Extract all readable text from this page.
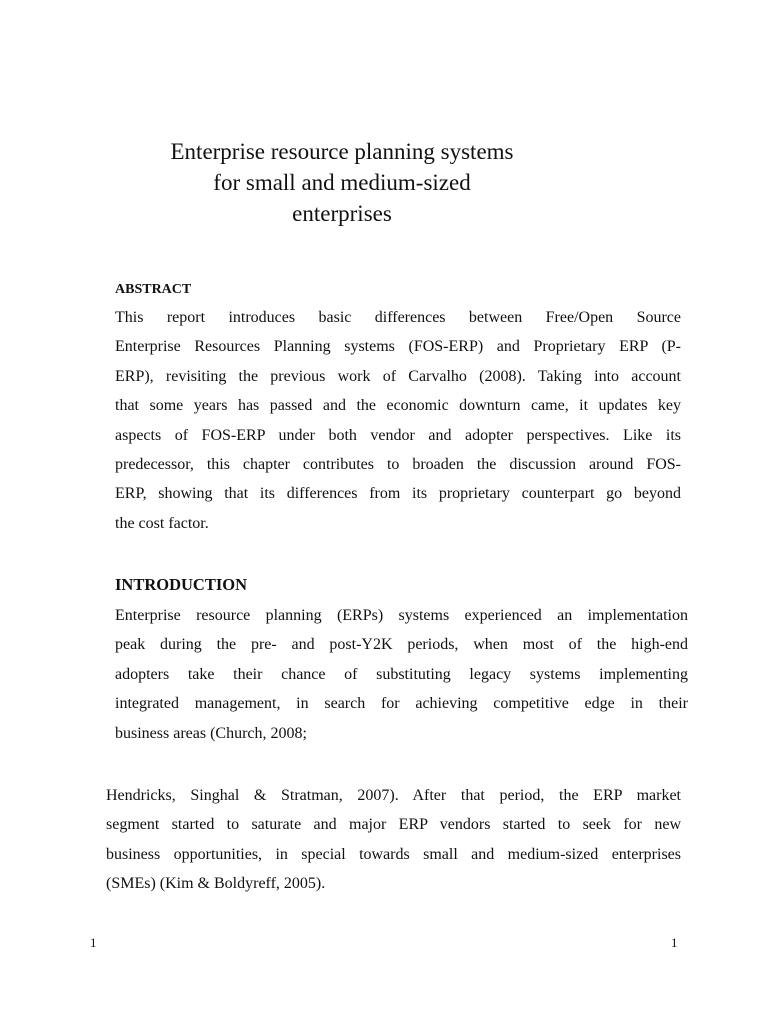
Enterprise resource planning systems
for small and medium-sized
enterprises
ABSTRACT

This report introduces basic differences between Free/Open Source
Enterprise Resources Planning systems (FOS-ERP) and Proprietary ERP (P-
ERP), revisiting the previous work of Carvalho (2008). Taking into account
that some years has passed and the economic downturn came, it updates key
aspects of FOS-ERP under both vendor and adopter perspectives. Like its
predecessor, this chapter contributes to broaden the discussion around FOS-
ERP, showing that its differences from its proprietary counterpart go beyond
the cost factor.

INTRODUCTION

Enterprise resource planning (ERPs) systems experienced an implementation
peak during the pre- and post-Y2K periods, when most of the high-end
adopters take their chance of substituting legacy systems implementing
integrated management, in search for achieving competitive edge in their
business areas (Church, 2008;

Hendricks, Singhal & Stratman, 2007). After that period, the ERP market
segment started to saturate and major ERP vendors started to seek for new
business opportunities, in special towards small and medium-sized enterprises
(SMEs) (Kim & Boldyreff, 2005).

1	1
